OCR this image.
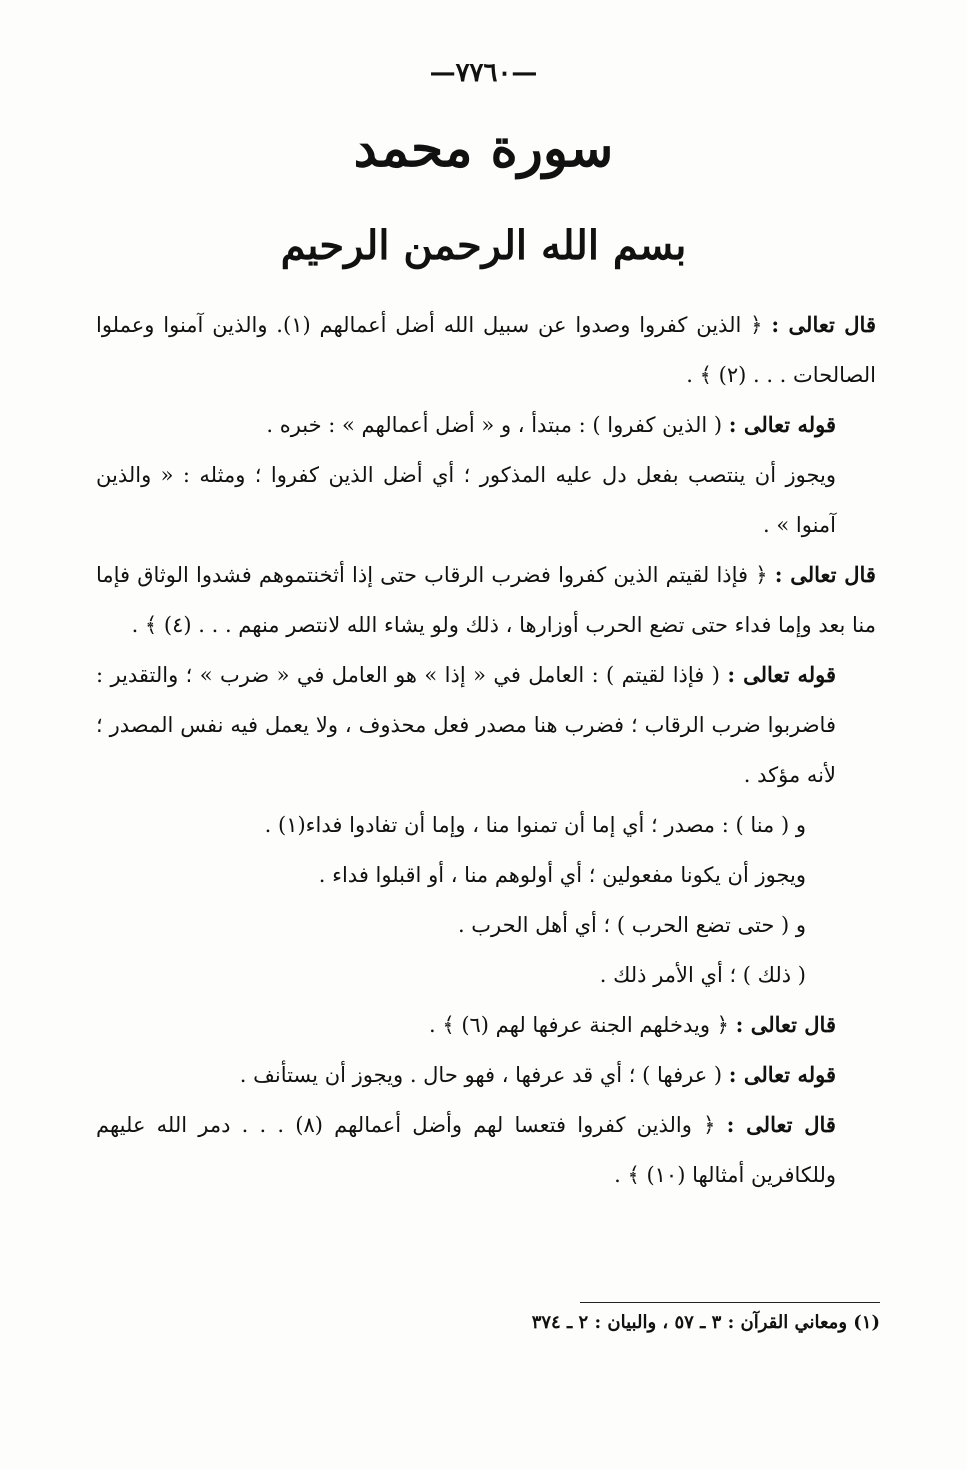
—٧٧٦٠—
سورة محمد
بسم الله الرحمن الرحيم

قال تعالى : ﴿ الذين كفروا وصدوا عن سبيل الله أضل أعمالهم (١). والذين آمنوا وعملوا الصالحات . . . (٢) ﴾ .

قوله تعالى : ( الذين كفروا ) : مبتدأ ، و « أضل أعمالهم » : خبره .

ويجوز أن ينتصب بفعل دل عليه المذكور ؛ أي أضل الذين كفروا ؛ ومثله : « والذين آمنوا » .

قال تعالى : ﴿ فإذا لقيتم الذين كفروا فضرب الرقاب حتى إذا أثخنتموهم فشدوا الوثاق فإما منا بعد وإما فداء حتى تضع الحرب أوزارها ، ذلك ولو يشاء الله لانتصر منهم . . . (٤) ﴾ .

قوله تعالى : ( فإذا لقيتم ) : العامل في « إذا » هو العامل في « ضرب » ؛ والتقدير : فاضربوا ضرب الرقاب ؛ فضرب هنا مصدر فعل محذوف ، ولا يعمل فيه نفس المصدر ؛ لأنه مؤكد .

و ( منا ) : مصدر ؛ أي إما أن تمنوا منا ، وإما أن تفادوا فداء(١) .

ويجوز أن يكونا مفعولين ؛ أي أولوهم منا ، أو اقبلوا فداء .

و ( حتى تضع الحرب ) ؛ أي أهل الحرب .

( ذلك ) ؛ أي الأمر ذلك .

قال تعالى : ﴿ ويدخلهم الجنة عرفها لهم (٦) ﴾ .

قوله تعالى : ( عرفها ) ؛ أي قد عرفها ، فهو حال . ويجوز أن يستأنف .

قال تعالى : ﴿ والذين كفروا فتعسا لهم وأضل أعمالهم (٨) . . . دمر الله عليهم وللكافرين أمثالها (١٠) ﴾ .

(١) ومعاني القرآن : ٣ ـ ٥٧ ، والبيان : ٢ ـ ٣٧٤
